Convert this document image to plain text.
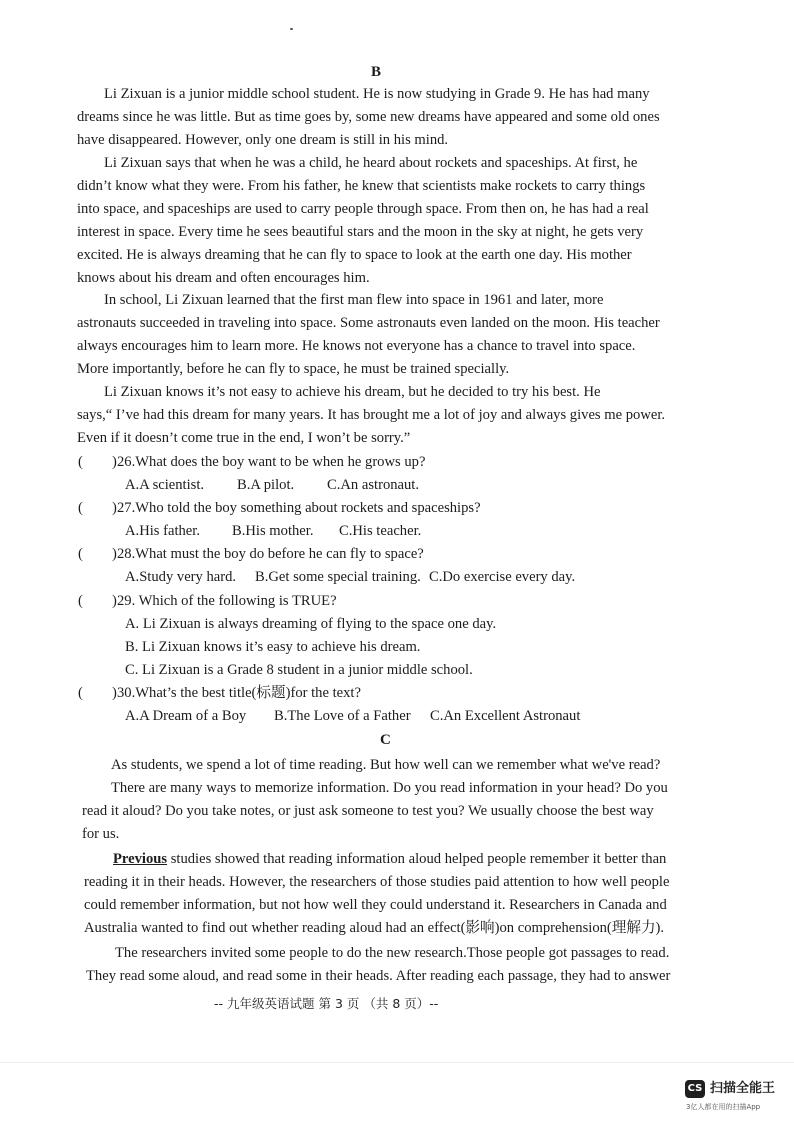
B
Li Zixuan is a junior middle school student. He is now studying in Grade 9. He has had many
dreams since he was little. But as time goes by, some new dreams have appeared and some old ones
have disappeared. However, only one dream is still in his mind.
Li Zixuan says that when he was a child, he heard about rockets and spaceships. At first, he
didn’t know what they were. From his father, he knew that scientists make rockets to carry things
into space, and spaceships are used to carry people through space. From then on, he has had a real
interest in space. Every time he sees beautiful stars and the moon in the sky at night, he gets very
excited. He is always dreaming that he can fly to space to look at the earth one day. His mother
knows about his dream and often encourages him.
In school, Li Zixuan learned that the first man flew into space in 1961 and later, more
astronauts succeeded in traveling into space. Some astronauts even landed on the moon. His teacher
always encourages him to learn more. He knows not everyone has a chance to travel into space.
More importantly, before he can fly to space, he must be trained specially.
Li Zixuan knows it’s not easy to achieve his dream, but he decided to try his best. He
says,“ I’ve had this dream for many years. It has brought me a lot of joy and always gives me power.
Even if it doesn’t come true in the end, I won’t be sorry.”
( ) 26.What does the boy want to be when he grows up?
A.A scientist. B.A pilot. C.An astronaut.
( ) 27.Who told the boy something about rockets and spaceships?
A.His father. B.His mother. C.His teacher.
( ) 28.What must the boy do before he can fly to space?
A.Study very hard. B.Get some special training. C.Do exercise every day.
( ) 29. Which of the following is TRUE?
A. Li Zixuan is always dreaming of flying to the space one day.
B. Li Zixuan knows it’s easy to achieve his dream.
C. Li Zixuan is a Grade 8 student in a junior middle school.
( ) 30.What’s the best title(标题)for the text?
A.A Dream of a Boy B.The Love of a Father C.An Excellent Astronaut
C
As students, we spend a lot of time reading. But how well can we remember what we've read?
There are many ways to memorize information. Do you read information in your head? Do you
read it aloud? Do you take notes, or just ask someone to test you? We usually choose the best way
for us.
Previous studies showed that reading information aloud helped people remember it better than
reading it in their heads. However, the researchers of those studies paid attention to how well people
could remember information, but not how well they could understand it. Researchers in Canada and
Australia wanted to find out whether reading aloud had an effect(影响)on comprehension(理解力).
The researchers invited some people to do the new research.Those people got passages to read.
They read some aloud, and read some in their heads. After reading each passage, they had to answer
-- 九年级英语试题 第 3 页 （共 8 页）--
CS 扫描全能王
3亿人都在用的扫描App
